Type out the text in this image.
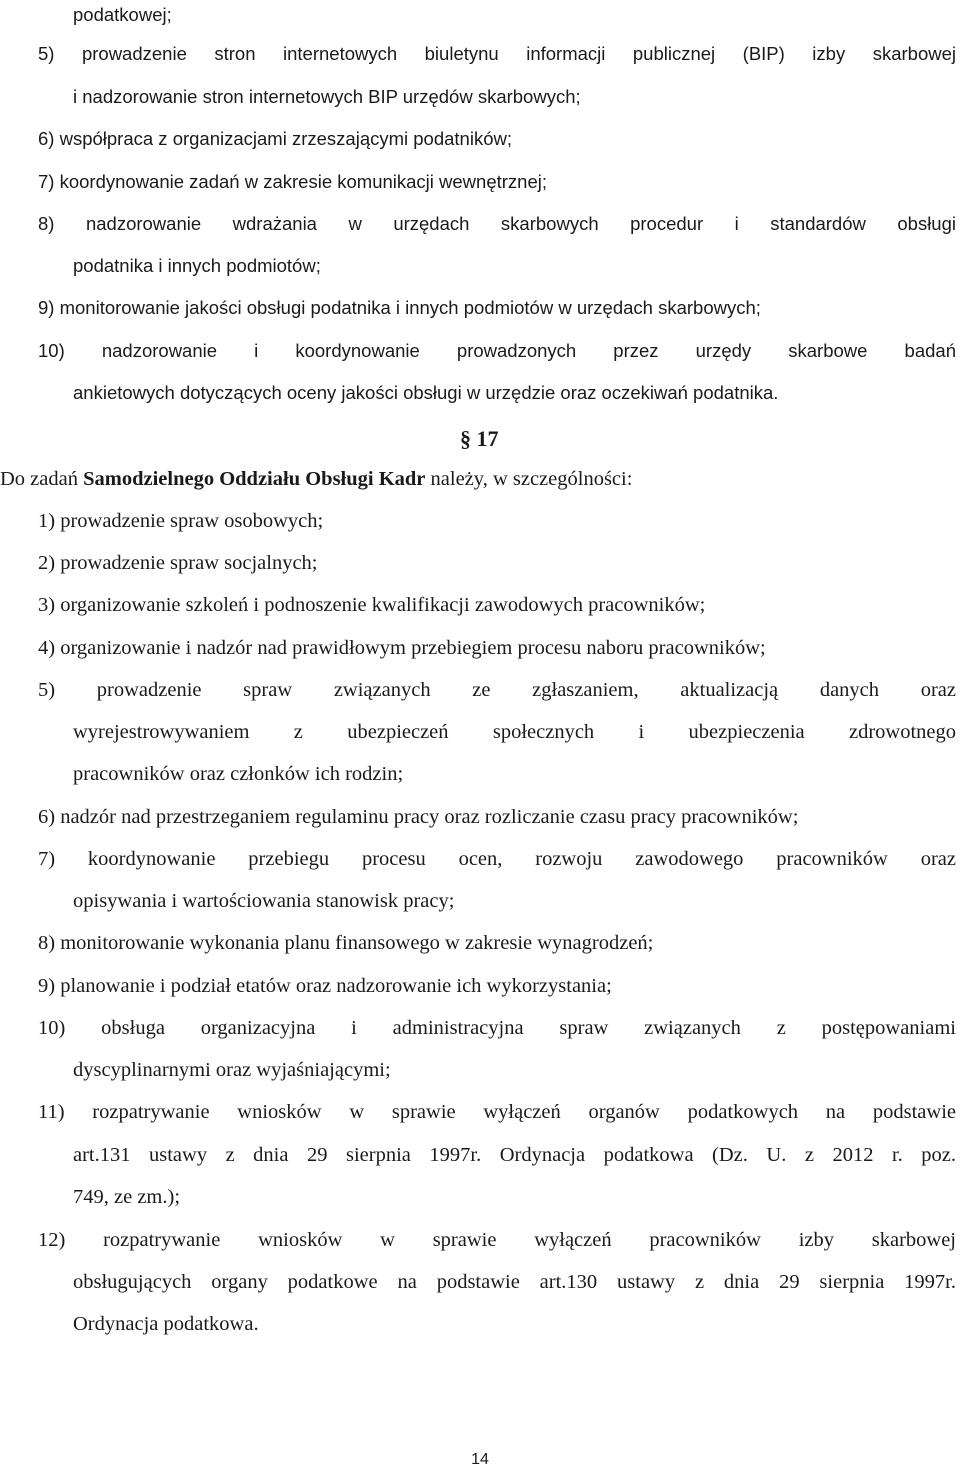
podatkowej;

5) prowadzenie stron internetowych biuletynu informacji publicznej (BIP) izby skarbowej

i nadzorowanie stron internetowych BIP urzędów skarbowych;

6) współpraca z organizacjami zrzeszającymi podatników;

7) koordynowanie zadań w zakresie komunikacji wewnętrznej;

8) nadzorowanie wdrażania w urzędach skarbowych procedur i standardów obsługi

podatnika i innych podmiotów;

9) monitorowanie jakości obsługi podatnika i innych podmiotów w urzędach skarbowych;

10) nadzorowanie i koordynowanie prowadzonych przez urzędy skarbowe badań

ankietowych dotyczących oceny jakości obsługi w urzędzie oraz oczekiwań podatnika.

§ 17

Do zadań Samodzielnego Oddziału Obsługi Kadr należy, w szczególności:

1) prowadzenie spraw osobowych;

2) prowadzenie spraw socjalnych;

3) organizowanie szkoleń i podnoszenie kwalifikacji zawodowych pracowników;

4) organizowanie i nadzór nad prawidłowym przebiegiem procesu naboru pracowników;

5) prowadzenie spraw związanych ze zgłaszaniem, aktualizacją danych oraz

wyrejestrowywaniem z ubezpieczeń społecznych i ubezpieczenia zdrowotnego

pracowników oraz członków ich rodzin;

6) nadzór nad przestrzeganiem regulaminu pracy oraz rozliczanie czasu pracy pracowników;

7) koordynowanie przebiegu procesu ocen, rozwoju zawodowego pracowników oraz

opisywania i wartościowania stanowisk pracy;

8) monitorowanie wykonania planu finansowego w zakresie wynagrodzeń;

9) planowanie i podział etatów oraz nadzorowanie ich wykorzystania;

10) obsługa organizacyjna i administracyjna spraw związanych z postępowaniami

dyscyplinarnymi oraz wyjaśniającymi;

11) rozpatrywanie wniosków w sprawie wyłączeń organów podatkowych na podstawie

art.131 ustawy z dnia 29 sierpnia 1997r. Ordynacja podatkowa (Dz. U. z 2012 r. poz.

749, ze zm.);

12) rozpatrywanie wniosków w sprawie wyłączeń pracowników izby skarbowej

obsługujących organy podatkowe na podstawie art.130 ustawy z dnia 29 sierpnia 1997r.

Ordynacja podatkowa.

14
